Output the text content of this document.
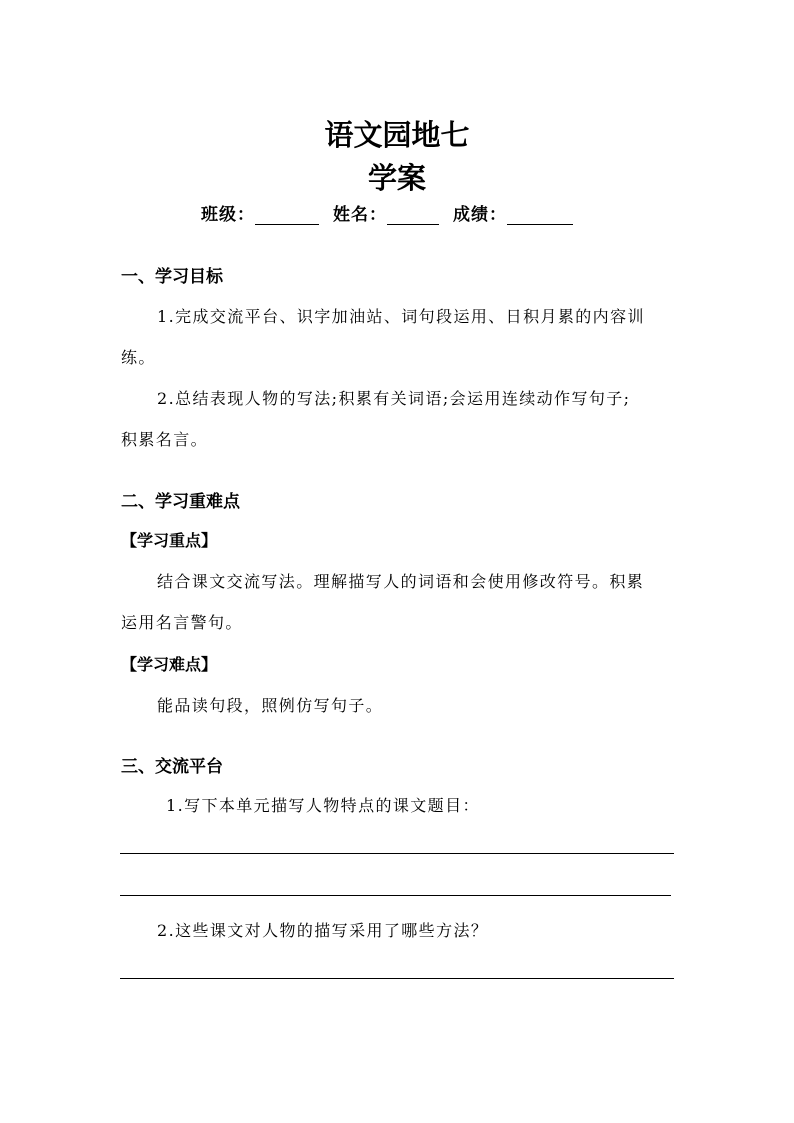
语文园地七
学案
班级：	姓名：	成绩：
一、学习目标
1.完成交流平台、识字加油站、词句段运用、日积月累的内容训
练。
2.总结表现人物的写法;积累有关词语;会运用连续动作写句子;
积累名言。
二、学习重难点
【学习重点】
结合课文交流写法。理解描写人的词语和会使用修改符号。积累
运用名言警句。
【学习难点】
能品读句段，照例仿写句子。
三、交流平台
1.写下本单元描写人物特点的课文题目：
2.这些课文对人物的描写采用了哪些方法？
